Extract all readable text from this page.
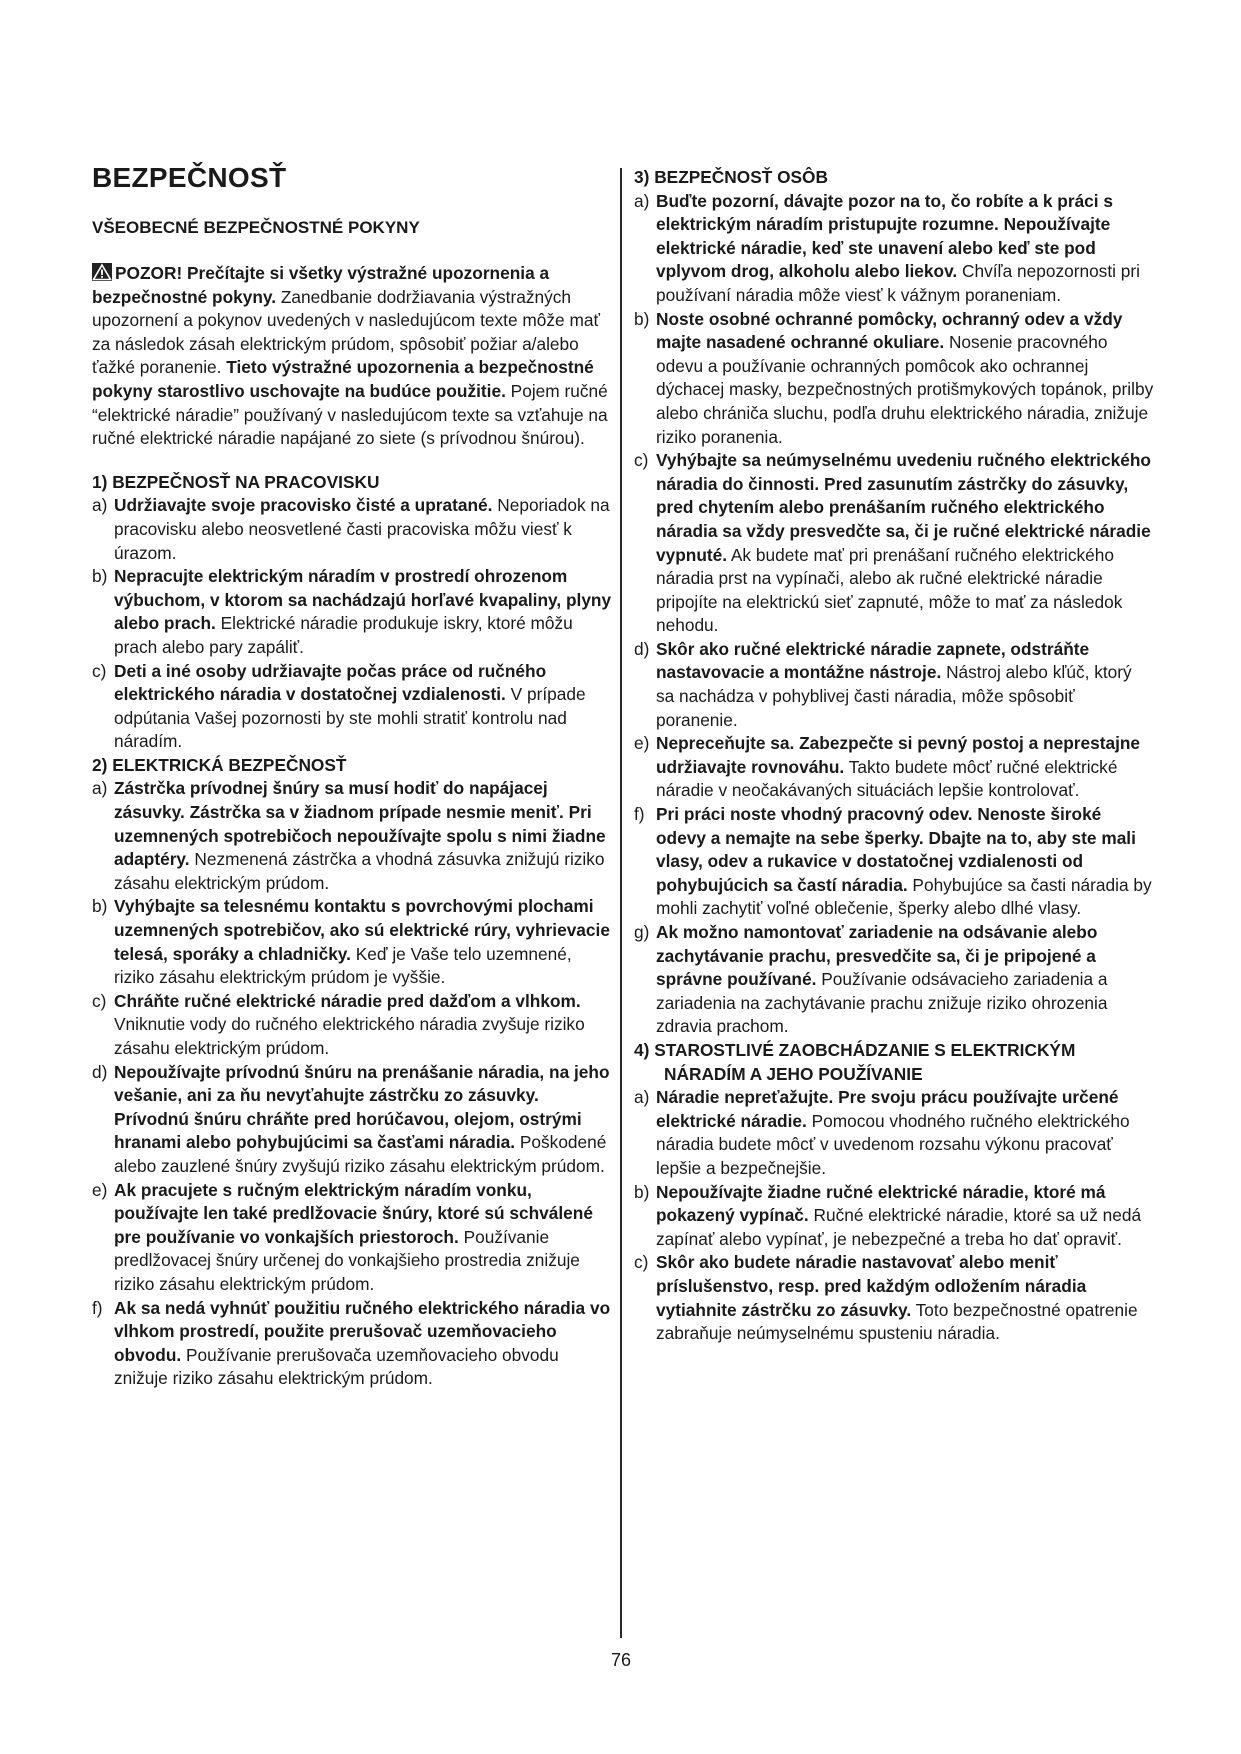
BEZPEČNOSŤ
VŠEOBECNÉ BEZPEČNOSTNÉ POKYNY

POZOR! Prečítajte si všetky výstražné upozornenia a bezpečnostné pokyny. Zanedbanie dodržiavania výstražných upozornení a pokynov uvedených v nasledujúcom texte môže mať za následok zásah elektrickým prúdom, spôsobiť požiar a/alebo ťažké poranenie. Tieto výstražné upozornenia a bezpečnostné pokyny starostlivo uschovajte na budúce použitie. Pojem ručné “elektrické náradie” používaný v nasledujúcom texte sa vzťahuje na ručné elektrické náradie napájané zo siete (s prívodnou šnúrou).

1) BEZPEČNOSŤ NA PRACOVISKU

a) Udržiavajte svoje pracovisko čisté a upratané. Neporiadok na pracovisku alebo neosvetlené časti pracoviska môžu viesť k úrazom.

b) Nepracujte elektrickým náradím v prostredí ohrozenom výbuchom, v ktorom sa nachádzajú horľavé kvapaliny, plyny alebo prach. Elektrické náradie produkuje iskry, ktoré môžu prach alebo pary zapáliť.

c) Deti a iné osoby udržiavajte počas práce od ručného elektrického náradia v dostatočnej vzdialenosti. V prípade odpútania Vašej pozornosti by ste mohli stratiť kontrolu nad náradím.

2) ELEKTRICKÁ BEZPEČNOSŤ

a) Zástrčka prívodnej šnúry sa musí hodiť do napájacej zásuvky. Zástrčka sa v žiadnom prípade nesmie meniť. Pri uzemnených spotrebičoch nepoužívajte spolu s nimi žiadne adaptéry. Nezmenená zástrčka a vhodná zásuvka znižujú riziko zásahu elektrickým prúdom.

b) Vyhýbajte sa telesnému kontaktu s povrchovými plochami uzemnených spotrebičov, ako sú elektrické rúry, vyhrievacie telesá, sporáky a chladničky. Keď je Vaše telo uzemnené, riziko zásahu elektrickým prúdom je vyššie.

c) Chráňte ručné elektrické náradie pred dažďom a vlhkom. Vniknutie vody do ručného elektrického náradia zvyšuje riziko zásahu elektrickým prúdom.

d) Nepoužívajte prívodnú šnúru na prenášanie náradia, na jeho vešanie, ani za ňu nevyťahujte zástrčku zo zásuvky. Prívodnú šnúru chráňte pred horúčavou, olejom, ostrými hranami alebo pohybujúcimi sa časťami náradia. Poškodené alebo zauzlené šnúry zvyšujú riziko zásahu elektrickým prúdom.

e) Ak pracujete s ručným elektrickým náradím vonku, používajte len také predlžovacie šnúry, ktoré sú schválené pre používanie vo vonkajších priestoroch. Používanie predlžovacej šnúry určenej do vonkajšieho prostredia znižuje riziko zásahu elektrickým prúdom.

f) Ak sa nedá vyhnúť použitiu ručného elektrického náradia vo vlhkom prostredí, použite prerušovač uzemňovacieho obvodu. Používanie prerušovača uzemňovacieho obvodu znižuje riziko zásahu elektrickým prúdom.

3) BEZPEČNOSŤ OSÔB

a) Buďte pozorní, dávajte pozor na to, čo robíte a k práci s elektrickým náradím pristupujte rozumne. Nepoužívajte elektrické náradie, keď ste unavení alebo keď ste pod vplyvom drog, alkoholu alebo liekov. Chvíľa nepozornosti pri používaní náradia môže viesť k vážnym poraneniam.

b) Noste osobné ochranné pomôcky, ochranný odev a vždy majte nasadené ochranné okuliare. Nosenie pracovného odevu a používanie ochranných pomôcok ako ochrannej dýchacej masky, bezpečnostných protišmykových topánok, prilby alebo chrániča sluchu, podľa druhu elektrického náradia, znižuje riziko poranenia.

c) Vyhýbajte sa neúmyselnému uvedeniu ručného elektrického náradia do činnosti. Pred zasunutím zástrčky do zásuvky, pred chytením alebo prenášaním ručného elektrického náradia sa vždy presvedčte sa, či je ručné elektrické náradie vypnuté. Ak budete mať pri prenášaní ručného elektrického náradia prst na vypínači, alebo ak ručné elektrické náradie pripojíte na elektrickú sieť zapnuté, môže to mať za následok nehodu.

d) Skôr ako ručné elektrické náradie zapnete, odstráňte nastavovacie a montážne nástroje. Nástroj alebo kľúč, ktorý sa nachádza v pohyblivej časti náradia, môže spôsobiť poranenie.

e) Nepreceňujte sa. Zabezpečte si pevný postoj a neprestajne udržiavajte rovnováhu. Takto budete môcť ručné elektrické náradie v neočakávaných situáciách lepšie kontrolovať.

f) Pri práci noste vhodný pracovný odev. Nenoste široké odevy a nemajte na sebe šperky. Dbajte na to, aby ste mali vlasy, odev a rukavice v dostatočnej vzdialenosti od pohybujúcich sa častí náradia. Pohybujúce sa časti náradia by mohli zachytiť voľné oblečenie, šperky alebo dlhé vlasy.

g) Ak možno namontovať zariadenie na odsávanie alebo zachytávanie prachu, presvedčite sa, či je pripojené a správne používané. Používanie odsávacieho zariadenia a zariadenia na zachytávanie prachu znižuje riziko ohrozenia zdravia prachom.

4) STAROSTLIVÉ ZAOBCHÁDZANIE S ELEKTRICKÝM NÁRADÍM A JEHO POUŽÍVANIE

a) Náradie nepreťažujte. Pre svoju prácu používajte určené elektrické náradie. Pomocou vhodného ručného elektrického náradia budete môcť v uvedenom rozsahu výkonu pracovať lepšie a bezpečnejšie.

b) Nepoužívajte žiadne ručné elektrické náradie, ktoré má pokazený vypínač. Ručné elektrické náradie, ktoré sa už nedá zapínať alebo vypínať, je nebezpečné a treba ho dať opraviť.

c) Skôr ako budete náradie nastavovať alebo meniť príslušenstvo, resp. pred každým odložením náradia vytiahnite zástrčku zo zásuvky. Toto bezpečnostné opatrenie zabraňuje neúmyselnému spusteniu náradia.

76
